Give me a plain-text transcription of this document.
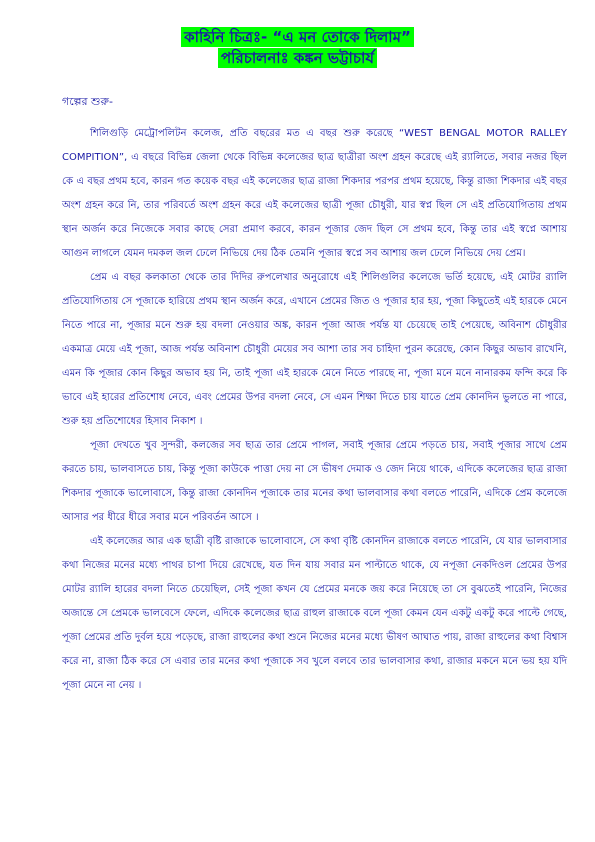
কাহিনি চিত্রঃ- “এ মন তোকে দিলাম”
পরিচালনাঃ কঙ্কন ভট্টাচার্য
গল্পের শুরু-

শিলিগুড়ি মেট্রোপলিটন কলেজ, প্রতি বছরের মত এ বছর শুরু করেছে “WEST BENGAL MOTOR RALLEY COMPITION”, এ বছরে বিভিন্ন জেলা থেকে বিভিন্ন কলেজের ছাত্র ছাত্রীরা অংশ গ্রহন করেছে এই র‍্যালিতে, সবার নজর ছিল কে এ বছর প্রথম হবে, কারন গত কয়েক বছর এই কলেজের ছাত্র রাজা শিকদার পরপর প্রথম হয়েছে, কিন্তু রাজা শিকদার এই বছর অংশ গ্রহন করে নি, তার পরিবর্তে অংশ গ্রহন করে এই কলেজের ছাত্রী পূজা চৌধুরী, যার স্বপ্ন ছিল সে এই প্রতিযোগিতায় প্রথম স্থান অর্জন করে নিজেকে সবার কাছে সেরা প্রমাণ করবে, কারন পূজার জেদ ছিল সে প্রথম হবে, কিন্তু তার এই স্বপ্নে আশায় আগুন লাগলে যেমন দমকল জল ঢেলে নিভিয়ে দেয় ঠিক তেমনি পূজার স্বপ্নে সব আশায় জল ঢেলে নিভিয়ে দেয় প্রেম।

প্রেম এ বছর কলকাতা থেকে তার দিদির রুপলেখার অনুরোধে এই শিলিগুলির কলেজে ভর্তি হয়েছে, এই মোটর র‍্যালি প্রতিযোগিতায় সে পূজাকে হারিয়ে প্রথম স্থান অর্জন করে, এখানে প্রেমের জিত ও পূজার হার হয়, পূজা কিছুতেই এই হারকে মেনে নিতে পারে না, পূজার মনে শুরু হয় বদলা নেওয়ার অঙ্ক, কারন পূজা আজ পর্যন্ত যা চেয়েছে তাই পেয়েছে, অবিনাশ চৌধুরীর একমাত্র মেয়ে এই পূজা, আজ পর্যন্ত অবিনাশ চৌধুরী মেয়ের সব আশা তার সব চাহিদা পুরন করেছে, কোন কিছুর অভাব রাখেনি, এমন কি পূজার কোন কিছুর অভাব হয় নি, তাই পূজা এই হারকে মেনে নিতে পারছে না, পূজা মনে মনে নানারকম ফন্দি করে কি ভাবে এই হারের প্রতিশোধ নেবে, এবং প্রেমের উপর বদলা নেবে, সে এমন শিক্ষা দিতে চায় যাতে প্রেম কোনদিন ভুলতে না পারে, শুরু হয় প্রতিশোধের হিসাব নিকাশ ।

পূজা দেখতে খুব সুন্দরী, কলজের সব ছাত্র তার প্রেমে পাগল, সবাই পূজার প্রেমে পড়তে চায়, সবাই পূজার সাথে প্রেম করতে চায়, ভালবাসতে চায়, কিন্তু পূজা কাউকে পাত্তা দেয় না সে ভীষণ দেমাক ও জেদ নিয়ে থাকে, এদিকে কলেজের ছাত্র রাজা শিকদার পূজাকে ভালোবাসে, কিন্তু রাজা কোনদিন পূজাকে তার মনের কথা ভালবাসার কথা বলতে পারেনি, এদিকে প্রেম কলেজে আসার পর ধীরে ধীরে সবার মনে পরিবর্তন আসে ।

এই কলেজের আর এক ছাত্রী বৃষ্টি রাজাকে ভালোবাসে, সে কথা বৃষ্টি কোনদিন রাজাকে বলতে পারেনি, যে যার ভালবাসার কথা নিজের মনের মধ্যে পাথর চাপা দিয়ে রেখেছে, যত দিন যায় সবার মন পাল্টাতে থাকে, যে নপূজা নেকদিওল প্রেমের উপর মোটর র‍্যালি হারের বদলা নিতে চেয়েছিল, সেই পূজা কখন যে প্রেমের মনকে জয় করে নিয়েছে তা সে বুঝতেই পারেনি, নিজের অজান্তে সে প্রেমকে ভালবেসে ফেলে, এদিকে কলেজের ছাত্র রাহুল রাজাকে বলে পূজা কেমন যেন একটু একটু করে পাল্টে গেছে, পূজা প্রেমের প্রতি দুর্বল হয়ে পড়েছে, রাজা রাহুলের কথা শুনে নিজের মনের মধ্যে ভীষণ আঘাত পায়, রাজা রাহুলের কথা বিশ্বাস করে না, রাজা ঠিক করে সে এবার তার মনের কথা পূজাকে সব খুলে বলবে তার ভালবাসার কথা, রাজার মকনে মনে ভয় হয় যদি পূজা মেনে না নেয় ।
